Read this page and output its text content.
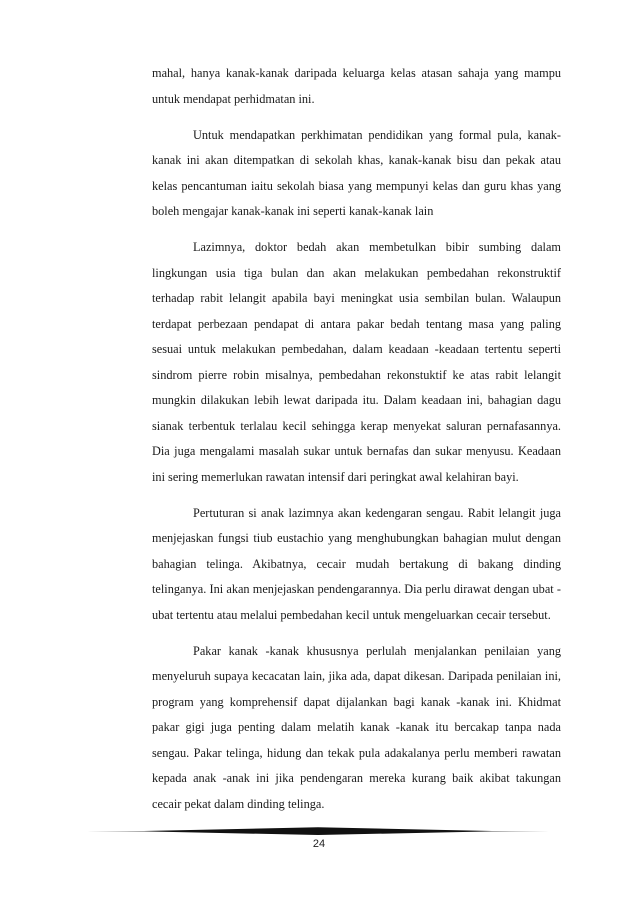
mahal, hanya kanak-kanak daripada keluarga kelas atasan sahaja yang mampu untuk mendapat perhidmatan ini.

Untuk mendapatkan perkhimatan pendidikan yang formal pula, kanak-kanak ini akan ditempatkan di sekolah khas, kanak-kanak bisu dan pekak atau kelas pencantuman iaitu sekolah biasa yang mempunyi kelas dan guru khas yang boleh mengajar kanak-kanak ini seperti kanak-kanak lain

Lazimnya, doktor bedah akan membetulkan bibir sumbing dalam lingkungan usia tiga bulan dan akan melakukan pembedahan rekonstruktif terhadap rabit lelangit apabila bayi meningkat usia sembilan bulan. Walaupun terdapat perbezaan pendapat di antara pakar bedah tentang masa yang paling sesuai untuk melakukan pembedahan, dalam keadaan -keadaan tertentu seperti sindrom pierre robin misalnya, pembedahan rekonstuktif ke atas rabit lelangit mungkin dilakukan lebih lewat daripada itu. Dalam keadaan ini, bahagian dagu sianak terbentuk terlalau kecil sehingga kerap menyekat saluran pernafasannya. Dia juga mengalami masalah sukar untuk bernafas dan sukar menyusu. Keadaan ini sering memerlukan rawatan intensif dari peringkat awal kelahiran bayi.

Pertuturan si anak lazimnya akan kedengaran sengau. Rabit lelangit juga menjejaskan fungsi tiub eustachio yang menghubungkan bahagian mulut dengan bahagian telinga. Akibatnya, cecair mudah bertakung di bakang dinding telinganya. Ini akan menjejaskan pendengarannya. Dia perlu dirawat dengan ubat -ubat tertentu atau melalui pembedahan kecil untuk mengeluarkan cecair tersebut.

Pakar kanak -kanak khususnya perlulah menjalankan penilaian yang menyeluruh supaya kecacatan lain, jika ada, dapat dikesan. Daripada penilaian ini, program yang komprehensif dapat dijalankan bagi kanak -kanak ini. Khidmat pakar gigi juga penting dalam melatih kanak -kanak itu bercakap tanpa nada sengau. Pakar telinga, hidung dan tekak pula adakalanya perlu memberi rawatan kepada anak -anak ini jika pendengaran mereka kurang baik akibat takungan cecair pekat dalam dinding telinga.

24
